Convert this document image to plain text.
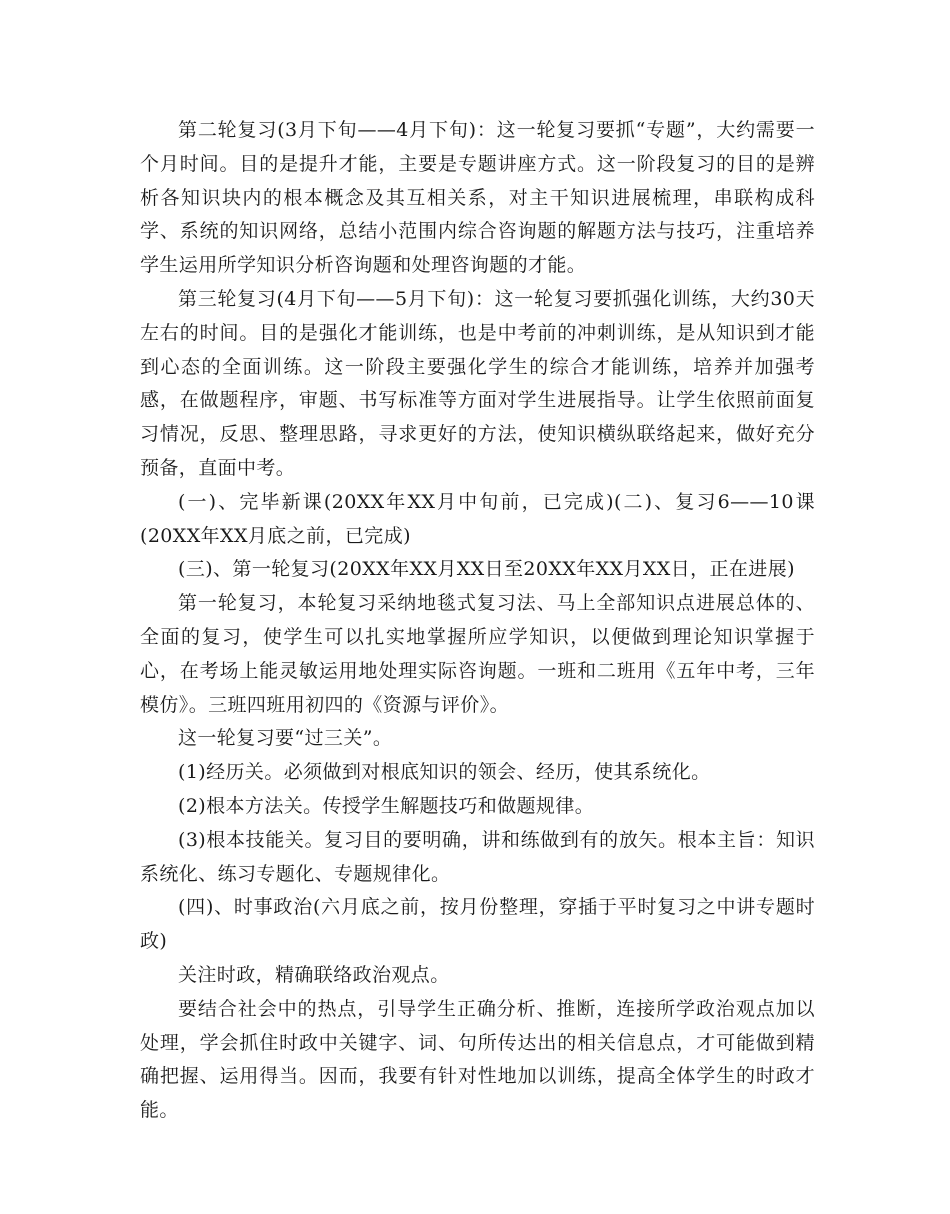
第二轮复习(3月下旬——4月下旬)：这一轮复习要抓“专题”，大约需要一个月时间。目的是提升才能，主要是专题讲座方式。这一阶段复习的目的是辨析各知识块内的根本概念及其互相关系，对主干知识进展梳理，串联构成科学、系统的知识网络，总结小范围内综合咨询题的解题方法与技巧，注重培养学生运用所学知识分析咨询题和处理咨询题的才能。

第三轮复习(4月下旬——5月下旬)：这一轮复习要抓强化训练，大约30天左右的时间。目的是强化才能训练，也是中考前的冲刺训练，是从知识到才能到心态的全面训练。这一阶段主要强化学生的综合才能训练，培养并加强考感，在做题程序，审题、书写标准等方面对学生进展指导。让学生依照前面复习情况，反思、整理思路，寻求更好的方法，使知识横纵联络起来，做好充分预备，直面中考。

(一)、完毕新课(20XX年XX月中旬前，已完成)(二)、复习6——10课(20XX年XX月底之前，已完成)

(三)、第一轮复习(20XX年XX月XX日至20XX年XX月XX日，正在进展)

第一轮复习，本轮复习采纳地毯式复习法、马上全部知识点进展总体的、全面的复习，使学生可以扎实地掌握所应学知识，以便做到理论知识掌握于心，在考场上能灵敏运用地处理实际咨询题。一班和二班用《五年中考，三年模仿》。三班四班用初四的《资源与评价》。

这一轮复习要“过三关”。

(1)经历关。必须做到对根底知识的领会、经历，使其系统化。

(2)根本方法关。传授学生解题技巧和做题规律。

(3)根本技能关。复习目的要明确，讲和练做到有的放矢。根本主旨：知识系统化、练习专题化、专题规律化。

(四)、时事政治(六月底之前，按月份整理，穿插于平时复习之中讲专题时政)

关注时政，精确联络政治观点。

要结合社会中的热点，引导学生正确分析、推断，连接所学政治观点加以处理，学会抓住时政中关键字、词、句所传达出的相关信息点，才可能做到精确把握、运用得当。因而，我要有针对性地加以训练，提高全体学生的时政才能。
